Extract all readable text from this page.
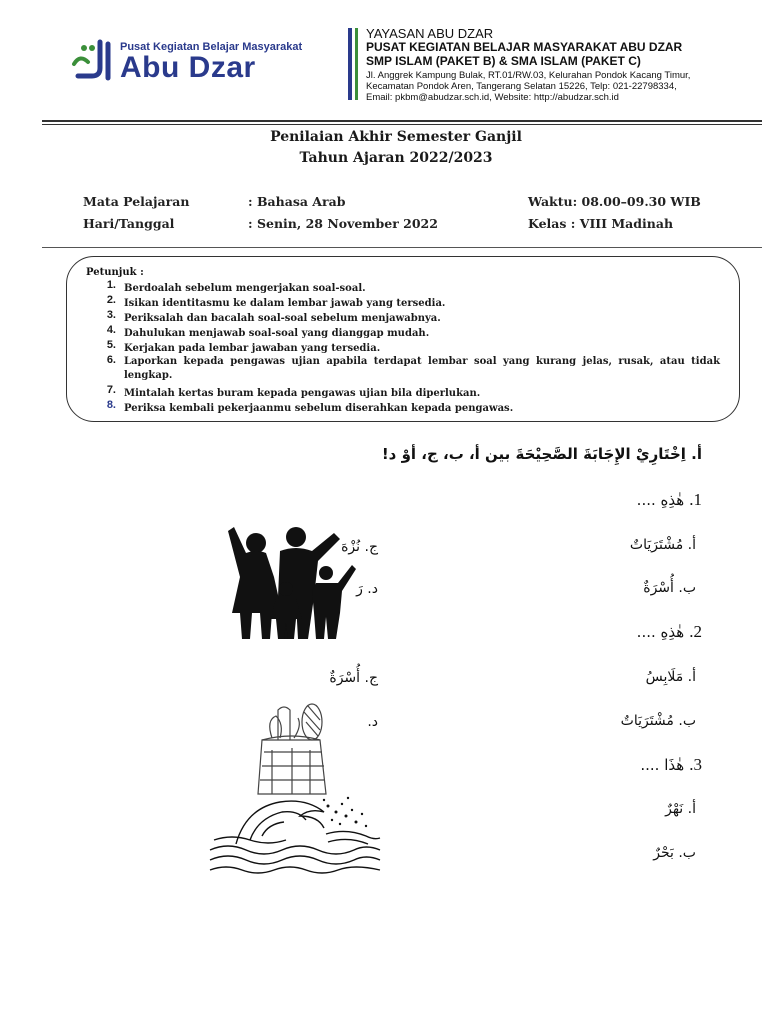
Pusat Kegiatan Belajar Masyarakat
Abu Dzar
YAYASAN ABU DZAR
PUSAT KEGIATAN BELAJAR MASYARAKAT ABU DZAR
SMP ISLAM (PAKET B) & SMA ISLAM (PAKET C)
Jl. Anggrek Kampung Bulak, RT.01/RW.03, Kelurahan Pondok Kacang Timur,
Kecamatan Pondok Aren, Tangerang Selatan 15226, Telp: 021-22798334,
Email: pkbm@abudzar.sch.id, Website: http://abudzar.sch.id
Penilaian Akhir Semester Ganjil
Tahun Ajaran 2022/2023
Mata Pelajaran	: Bahasa Arab	Waktu: 08.00–09.30 WIB
Hari/Tanggal	: Senin, 28 November 2022	Kelas : VIII Madinah
Petunjuk :
1. Berdoalah sebelum mengerjakan soal-soal.
2. Isikan identitasmu ke dalam lembar jawab yang tersedia.
3. Periksalah dan bacalah soal-soal sebelum menjawabnya.
4. Dahulukan menjawab soal-soal yang dianggap mudah.
5. Kerjakan pada lembar jawaban yang tersedia.
6. Laporkan kepada pengawas ujian apabila terdapat lembar soal yang kurang jelas, rusak, atau tidak lengkap.
7. Mintalah kertas buram kepada pengawas ujian bila diperlukan.
8. Periksa kembali pekerjaanmu sebelum diserahkan kepada pengawas.
أ. اِخْتَارِيْ الإِجَابَةَ الصَّحِيْحَةَ بين أ، ب، ج، أوْ د!
1. هٰذِهِ ....
أ. مُشْتَرَيَاتٌ
ب. أُسْرَةٌ
ج. نُزْهَ
د. رَ
2. هٰذِهِ ....
أ. مَلَابِسُ
ب. مُشْتَرَيَاتٌ
ج. أُسْرَةٌ
د.
3. هٰذَا ....
أ. نَهْرٌ
ب. بَحْرٌ
